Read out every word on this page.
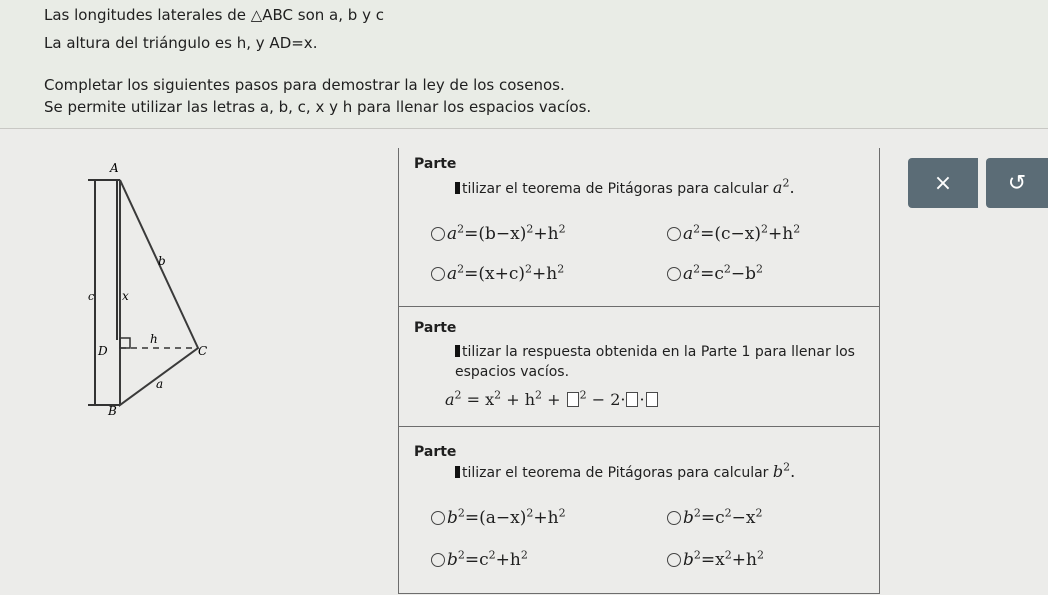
Las longitudes laterales de △ABC son a, b y c
La altura del triángulo es h, y AD=x.
Completar los siguientes pasos para demostrar la ley de los cosenos.
Se permite utilizar las letras a, b, c, x y h para llenar los espacios vacíos.
A
B
C
D
b
c x
h
a
Parte
tilizar el teorema de Pitágoras para calcular $a^2$.
$a^2=(b-x)^2+h^2$	$a^2=(c-x)^2+h^2$
$a^2=(x+c)^2+h^2$	$a^2=c^2-b^2$
Parte
tilizar la respuesta obtenida en la Parte 1 para llenar los
espacios vacíos.
$a^2 = x^2 + h^2 + ^2 - 2\cdot$ ·
Parte
tilizar el teorema de Pitágoras para calcular $b^2$.
$b^2=(a-x)^2+h^2$	$b^2=c^2-x^2$
$b^2=c^2+h^2$	$b^2=x^2+h^2$
×	↺
